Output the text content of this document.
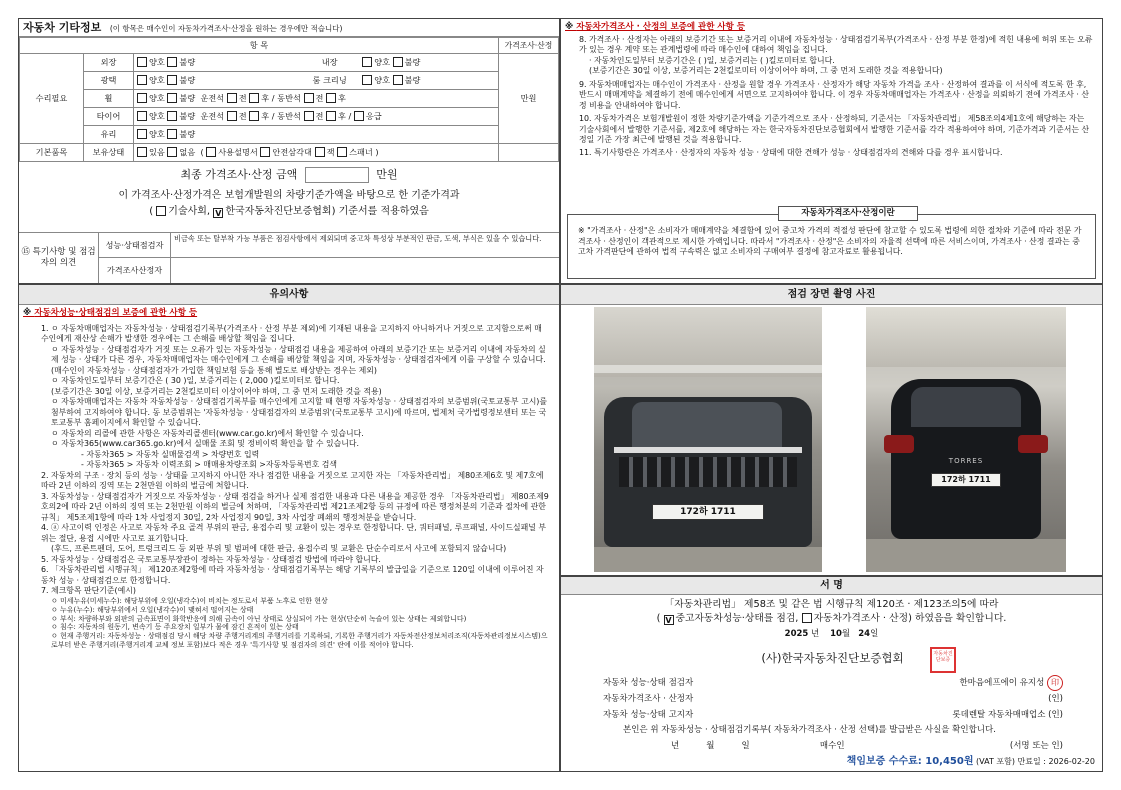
자동차 기타정보 (이 항목은 매수인이 자동차가격조사·산정을 원하는 경우에만 적습니다)
항 목			가격조사·산정
수리필요	외장	양호 불량 내장 양호 불량	만원
	광택	양호 불량 룸 크리닝 양호 불량	
	휠	양호 불량  운전석 전 후 / 동반석 전 후	
	타이어	양호 불량  운전석 전 후 / 동반석 전 후 / 응급	
	유리	양호 불량	
기본품목	보유상태	있음 없음  ( 사용설명서 안전삼각대 잭 스패너 )	
최종 가격조사·산정 금액	만원
이 가격조사·산정가격은 보험개발원의 차량기준가액을 바탕으로 한 기준가격과
( 기술사회, V 한국자동차진단보증협회) 기준서를 적용하였음
⑮ 특기사항 및 점검자의 의견
성능·상태점검자
비금속 또는 탈부착 가능 부품은 점검사항에서 제외되며 중고차 특성상 부분적인 판금, 도색, 부식은 있을 수 있습니다.
가격조사산정자
※ 자동차가격조사 · 산정의 보증에 관한 사항 등
8. 가격조사 · 산정자는 아래의 보증기간 또는 보증거리 이내에 자동차성능 · 상태점검기록부(가격조사 · 산정 부분 한정)에 적힌 내용에 허위 또는 오류가 있는 경우 계약 또는 관계법령에 따라 매수인에 대하여 책임을 집니다.
· 자동차인도일부터 보증기간은 ( )일, 보증거리는 ( )킬로미터로 합니다.
(보증기간은 30일 이상, 보증거리는 2천킬로미터 이상이어야 하며, 그 중 먼저 도래한 것을 적용합니다)
9. 자동차매매업자는 매수인이 가격조사 · 산정을 원할 경우 가격조사 · 산정자가 해당 자동차 가격을 조사 · 산정하여 결과를 이 서식에 적도록 한 후, 반드시 매매계약을 체결하기 전에 매수인에게 서면으로 고지하여야 합니다. 이 경우 자동차매매업자는 가격조사 · 산정을 의뢰하기 전에 가격조사 · 산정 비용을 안내하여야 합니다.
10. 자동차가격은 보험개발원이 정한 차량기준가액을 기준가격으로 조사 · 산정하되, 기준서는 「자동차관리법」 제58조의4제1호에 해당하는 자는 기술사회에서 발행한 기준서를, 제2호에 해당하는 자는 한국자동차진단보증협회에서 발행한 기준서를 각각 적용하여야 하며, 기준가격과 기준서는 산정일 기준 가장 최근에 발행된 것을 적용합니다.
11. 특기사항란은 가격조사 · 산정자의 자동차 성능 · 상태에 대한 견해가 성능 · 상태점검자의 견해와 다를 경우 표시합니다.
자동차가격조사·산정이란
※ "가격조사 · 산정"은 소비자가 매매계약을 체결함에 있어 중고차 가격의 적절성 판단에 참고할 수 있도록 법령에 의한 절차와 기준에 따라 전문 가격조사 · 산정인이 객관적으로 제시한 가액입니다. 따라서 "가격조사 · 산정"은 소비자의 자율적 선택에 따른 서비스이며, 가격조사 · 산정 결과는 중고차 가격판단에 관하여 법적 구속력은 없고 소비자의 구매여부 결정에 참고자료로 활용됩니다.
유의사항
※ 자동차성능·상태점검의 보증에 관한 사항 등
1. ㅇ 자동차매매업자는 자동차성능 · 상태점검기록부(가격조사 · 산정 부분 제외)에 기재된 내용을 고지하지 아니하거나 거짓으로 고지함으로써 매수인에게 재산상 손해가 발생한 경우에는 그 손해를 배상할 책임을 집니다.
ㅇ 자동차성능 · 상태점검자가 거짓 또는 오류가 있는 자동차성능 · 상태점검 내용을 제공하여 아래의 보증기간 또는 보증거리 이내에 자동차의 실제 성능 · 상태가 다른 경우, 자동차매매업자는 매수인에게 그 손해를 배상할 책임을 지며, 자동차성능 · 상태점검자에게 이를 구상할 수 있습니다.(매수인이 자동차성능 · 상태점검자가 가입한 책임보험 등을 통해 별도로 배상받는 경우는 제외)
ㅇ 자동차인도일부터 보증기간은 ( 30 )일, 보증거리는 ( 2,000 )킬로미터로 합니다.
(보증기간은 30일 이상, 보증거리는 2천킬로미터 이상이어야 하며, 그 중 먼저 도래한 것을 적용)
ㅇ 자동차매매업자는 자동차 자동차성능 · 상태점검기록부를 매수인에게 고지할 때 현행 자동차성능 · 상태점검자의 보증범위(국토교통부 고시)를 첨부하여 고지하여야 합니다. 동 보증범위는 '자동차성능 · 상태점검자의 보증범위'(국토교통부 고시)에 따르며, 법제처 국가법령정보센터 또는 국토교통부 홈페이지에서 확인할 수 있습니다.
ㅇ 자동차의 리콜에 관한 사항은 자동차리콜센터(www.car.go.kr)에서 확인할 수 있습니다.
ㅇ 자동차365(www.car365.go.kr)에서 실매물 조회 및 정비이력 확인을 할 수 있습니다.
- 자동차365 > 자동차 실매물검색 > 차량번호 입력
- 자동차365 > 자동차 이력조회 > 매매용차량조회 >자동차등록번호 검색
2. 자동차의 구조 · 장치 등의 성능 · 상태를 고지하지 아니한 자나 점검한 내용을 거짓으로 고지한 자는 「자동차관리법」 제80조제6호 및 제7호에 따라 2년 이하의 징역 또는 2천만원 이하의 벌금에 처합니다.
3. 자동차성능 · 상태점검자가 거짓으로 자동차성능 · 상태 점검을 하거나 실제 점검한 내용과 다른 내용을 제공한 경우 「자동차관리법」 제80조제9호의2에 따라 2년 이하의 징역 또는 2천만원 이하의 벌금에 처하며, 「자동차관리법 제21조제2항 등의 규정에 따른 행정처분의 기준과 절차에 관한 규칙」 제5조제1항에 따라 1차 사업정지 30일, 2차 사업정지 90일, 3차 사업장 폐쇄의 행정처분을 받습니다.
4. ⓐ 사고이력 인정은 사고로 자동차 주요 골격 부위의 판금, 용접수리 및 교환이 있는 경우로 한정합니다. 단, 쿼터패널, 루프패널, 사이드실패널 부위는 절단, 용접 시에만 사고로 표기합니다.
(후드, 프론트펜더, 도어, 트렁크리드 등 외판 부위 및 범퍼에 대한 판금, 용접수리 및 교환은 단순수리로서 사고에 포함되지 않습니다)
5. 자동차성능 · 상태점검은 국토교통부장관이 정하는 자동차성능 · 상태점검 방법에 따라야 합니다.
6. 「자동차관리법 시행규칙」 제120조제2항에 따라 자동차성능 · 상태점검기록부는 해당 기록부의 발급일을 기준으로 120일 이내에 이루어진 자동차 성능 · 상태점검으로 한정합니다.
7. 체크항목 판단기준(예시)
ㅇ 미세누유(미세누수): 해당부위에 오일(냉각수)이 비치는 정도로서 부품 노후로 인한 현상
ㅇ 누유(누수): 해당부위에서 오일(냉각수)이 맺혀서 떨어지는 상태
ㅇ 부식: 차량하부와 외판의 금속표면이 화학반응에 의해 금속이 아닌 상태로 상실되어 가는 현상(단순히 녹슬어 있는 상태는 제외합니다)
ㅇ 침수: 자동차의 원동기, 변속기 등 주요장치 일부가 물에 잠긴 흔적이 있는 상태
ㅇ 현재 주행거리: 자동차성능 · 상태점검 당시 해당 차량 주행거리계의 주행거리를 기록하되, 기록한 주행거리가 자동차전산정보처리조직(자동차관리정보시스템)으로부터 받은 주행거리(주행거리계 교체 정보 포함)보다 적은 경우 '특기사항 및 점검자의 의견' 란에 이를 적어야 합니다.
점검 장면 촬영 사진
172하 1711
TORRES
172하 1711
서 명
「자동차관리법」 제58조 및 같은 법 시행규칙 제120조 · 제123조의5에 따라
( V 중고자동차성능·상태를 점검, 자동차가격조사 · 산정) 하였음을 확인합니다.
2025 년 10월 24일
(사)한국자동차진단보증협회	자동차진단보증
자동차 성능·상태 점검자	한마음에프에이 유지성 印
자동차가격조사 · 산정자	(인)
자동차 성능·상태 고지자	롯데렌탈 자동차매매업소 (인)
본인은 위 자동차성능 · 상태점검기록부( 자동차가격조사 · 산정 선택)를 발급받은 사실을 확인합니다.
년          월          일                          매수인	(서명 또는 인)
책임보증 수수료: 10,450원 (VAT 포함) 만료일 : 2026-02-20
